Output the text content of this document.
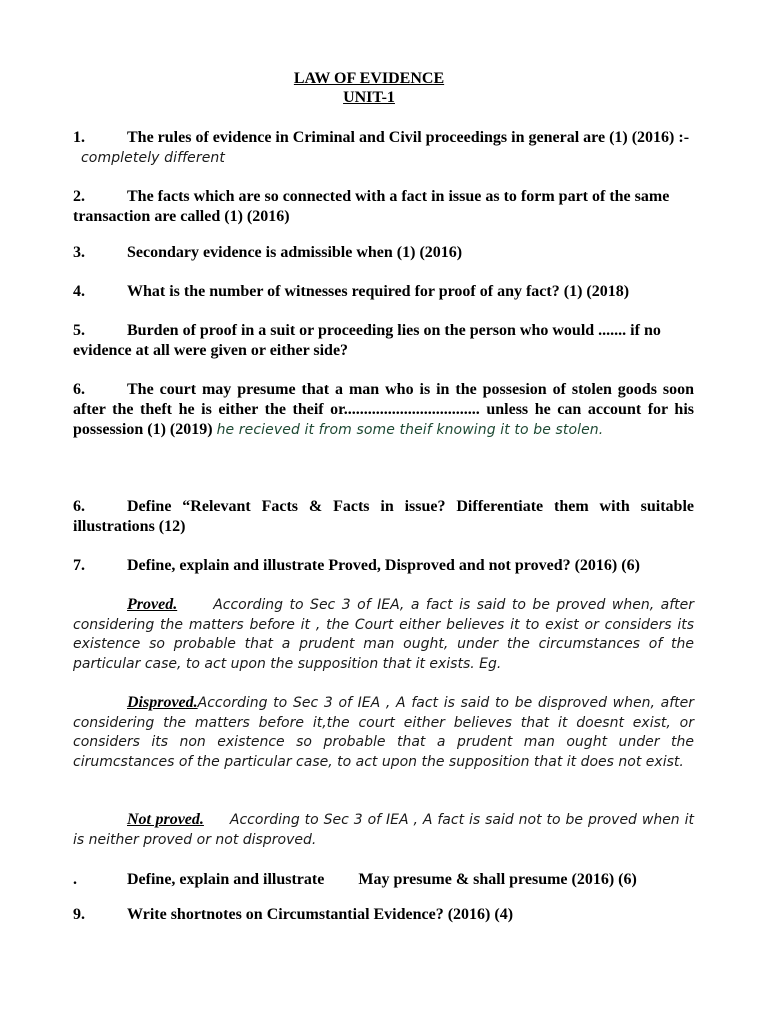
LAW OF EVIDENCE
UNIT-1
1.	The rules of evidence in Criminal and Civil proceedings in general are (1) (2016) :-  completely different
2.	The facts which are so connected with a fact in issue as to form part of the same transaction are called (1) (2016)
3.	Secondary evidence is admissible when (1) (2016)
4.	What is the number of witnesses required for proof of any fact? (1) (2018)
5.	Burden of proof in a suit or proceeding lies on the person who would ....... if no evidence at all were given or either side?
6.	The court may presume that a man who is in the possesion of stolen goods soon after the theft he is either the theif or.................................. unless he can account for his possession (1) (2019) he recieved it from some theif knowing it to be stolen.
6.	Define “Relevant Facts & Facts in issue? Differentiate them with suitable illustrations (12)
7.	Define, explain and illustrate Proved, Disproved and not proved? (2016) (6)
Proved.	According to Sec 3 of IEA, a fact is said to be proved when, after considering the matters before it , the Court either believes it to exist or considers its existence so probable that a prudent man ought, under the circumstances of the particular case, to act upon the supposition that it exists. Eg.
Disproved.According to Sec 3 of IEA , A fact is said to be disproved when, after considering the matters before it,the court either believes that it doesnt exist, or considers its non existence so probable that a prudent man ought under the cirumcstances of the particular case, to act upon the supposition that it does not exist.
Not proved. According to Sec 3 of IEA , A fact is said not to be proved when it is neither proved or not disproved.
.	Define, explain and illustrate May presume & shall presume (2016) (6)
9.	Write shortnotes on Circumstantial Evidence? (2016) (4)
